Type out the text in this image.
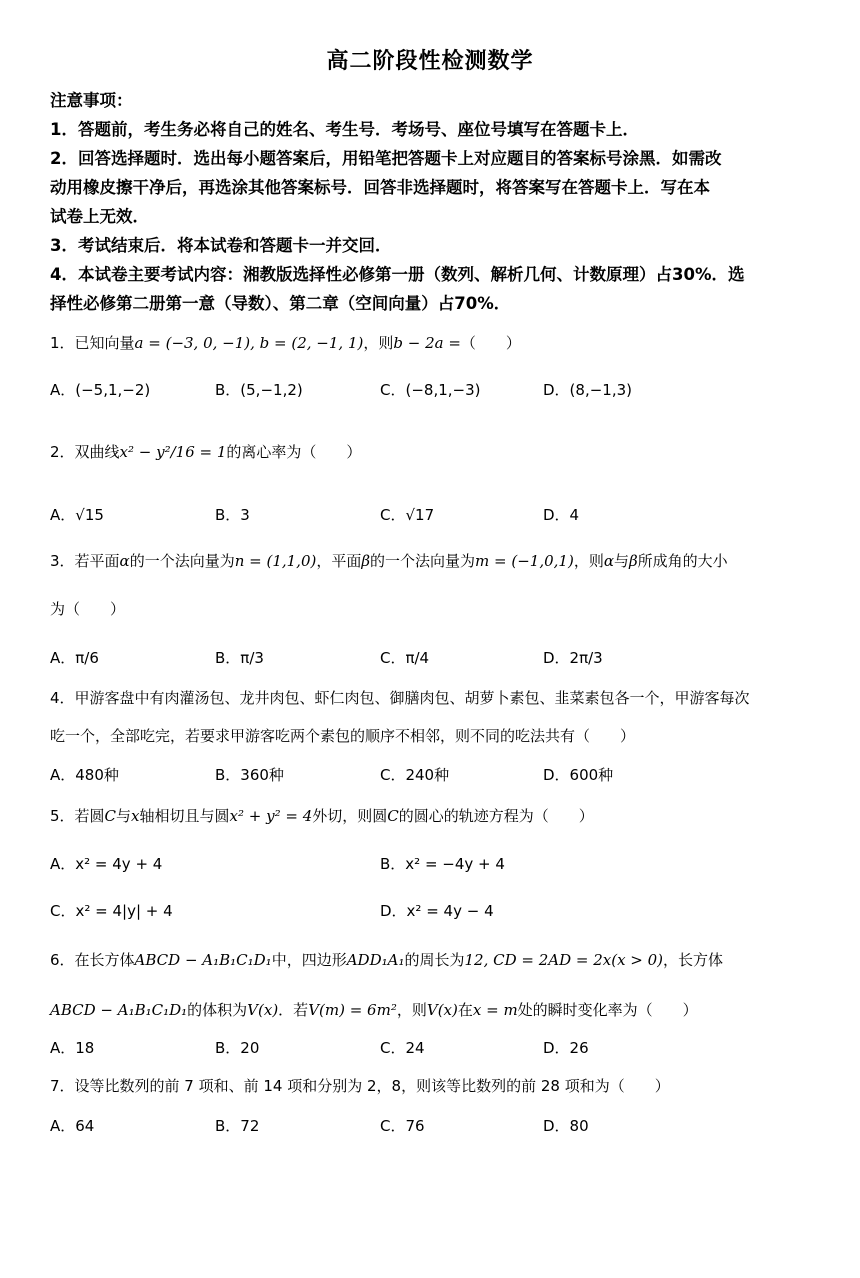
高二阶段性检测数学
注意事项：
1．答题前，考生务必将自己的姓名、考生号．考场号、座位号填写在答题卡上．
2．回答选择题时．选出每小题答案后，用铅笔把答题卡上对应题目的答案标号涂黑．如需改
动用橡皮擦干净后，再选涂其他答案标号．回答非选择题时，将答案写在答题卡上．写在本
试卷上无效．
3．考试结束后．将本试卷和答题卡一并交回．
4．本试卷主要考试内容：湘教版选择性必修第一册（数列、解析几何、计数原理）占30%．选
择性必修第二册第一意（导数）、第二章（空间向量）占70%．
1．已知向量a = (−3, 0, −1), b = (2, −1, 1)，则b − 2a =（　　）
A．(−5,1,−2)	B．(5,−1,2)	C．(−8,1,−3)	D．(8,−1,3)
2．双曲线x² − y²/16 = 1的离心率为（　　）
A．√15	B．3	C．√17	D．4
3．若平面α的一个法向量为n = (1,1,0)，平面β的一个法向量为m = (−1,0,1)，则α与β所成角的大小
为（　　）
A．π/6	B．π/3	C．π/4	D．2π/3
4．甲游客盘中有肉灌汤包、龙井肉包、虾仁肉包、御膳肉包、胡萝卜素包、韭菜素包各一个，甲游客每次
吃一个，全部吃完，若要求甲游客吃两个素包的顺序不相邻，则不同的吃法共有（　　）
A．480种	B．360种	C．240种	D．600种
5．若圆C与x轴相切且与圆x² + y² = 4外切，则圆C的圆心的轨迹方程为（　　）
A．x² = 4y + 4	B．x² = −4y + 4
C．x² = 4|y| + 4	D．x² = 4y − 4
6．在长方体ABCD − A₁B₁C₁D₁中，四边形ADD₁A₁的周长为12, CD = 2AD = 2x(x > 0)，长方体
ABCD − A₁B₁C₁D₁的体积为V(x)．若V(m) = 6m²，则V(x)在x = m处的瞬时变化率为（　　）
A．18	B．20	C．24	D．26
7．设等比数列的前 7 项和、前 14 项和分别为 2，8，则该等比数列的前 28 项和为（　　）
A．64	B．72	C．76	D．80
